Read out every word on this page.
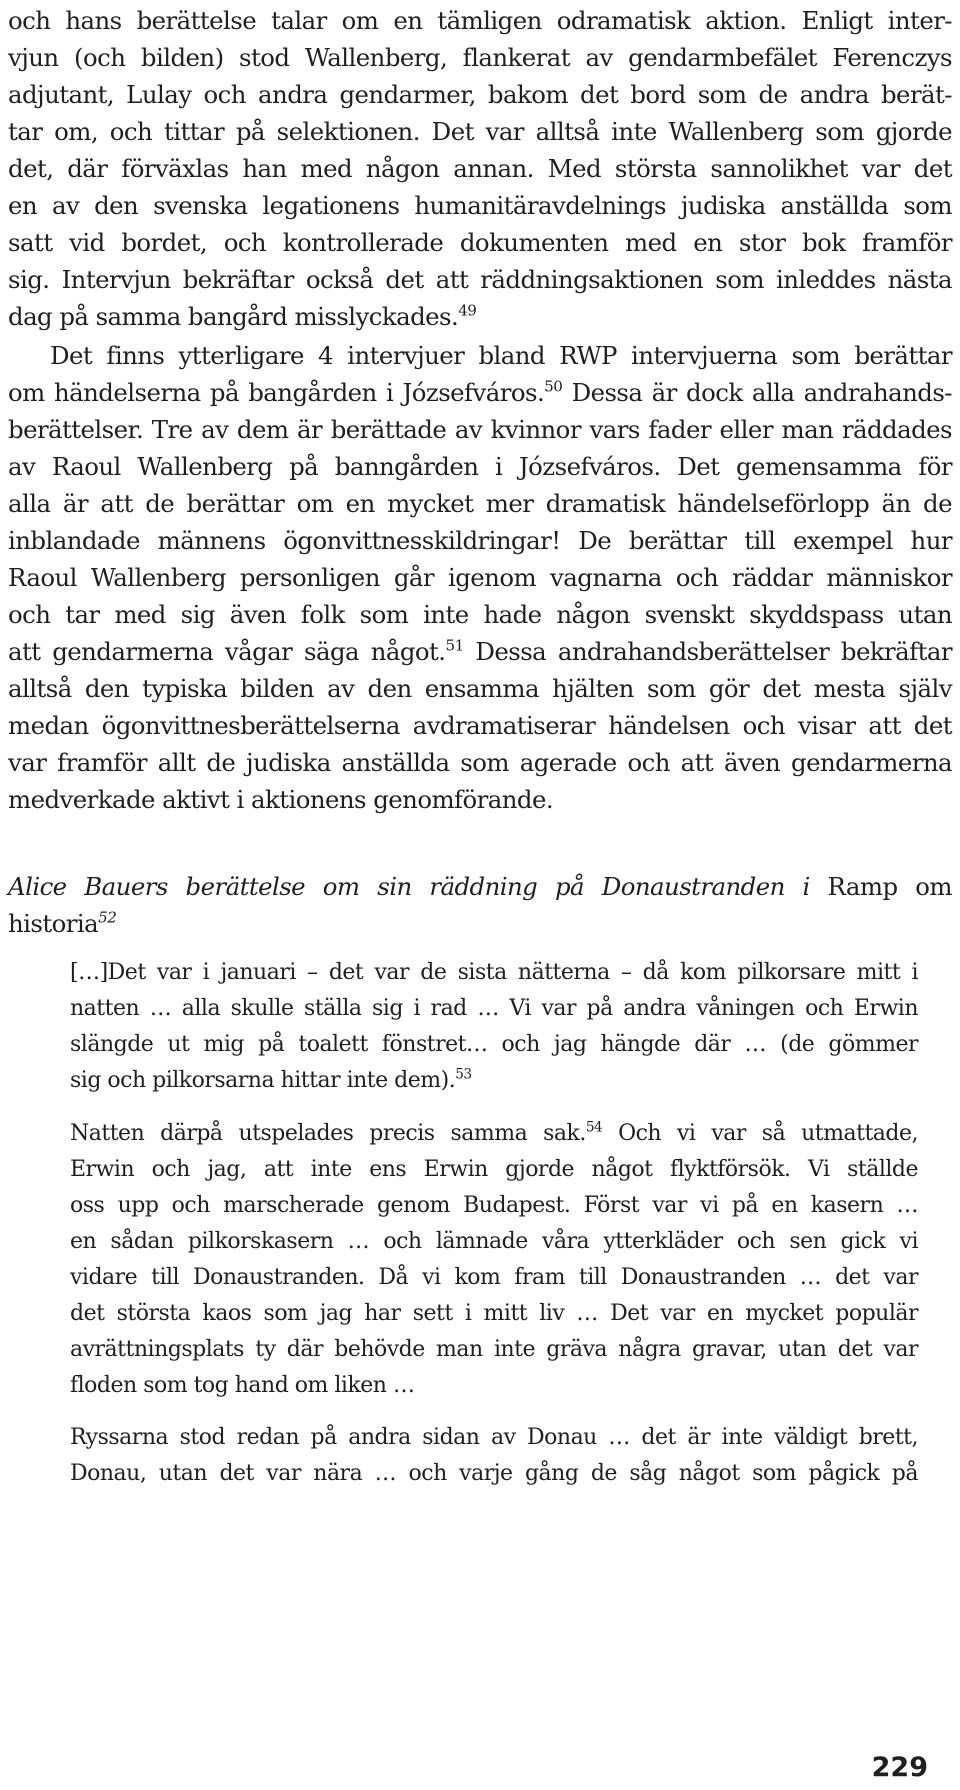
och hans berättelse talar om en tämligen odramatisk aktion. Enligt inter-
vjun (och bilden) stod Wallenberg, flankerat av gendarmbefälet Ferenczys
adjutant, Lulay och andra gendarmer, bakom det bord som de andra berät-
tar om, och tittar på selektionen. Det var alltså inte Wallenberg som gjorde
det, där förväxlas han med någon annan. Med största sannolikhet var det
en av den svenska legationens humanitäravdelnings judiska anställda som
satt vid bordet, och kontrollerade dokumenten med en stor bok framför
sig. Intervjun bekräftar också det att räddningsaktionen som inleddes nästa
dag på samma bangård misslyckades.$^{49}$
Det finns ytterligare 4 intervjuer bland RWP intervjuerna som berättar
om händelserna på bangården i Józsefváros.$^{50}$ Dessa är dock alla andrahands-
berättelser. Tre av dem är berättade av kvinnor vars fader eller man räddades
av Raoul Wallenberg på banngården i Józsefváros. Det gemensamma för
alla är att de berättar om en mycket mer dramatisk händelseförlopp än de
inblandade männens ögonvittnesskildringar! De berättar till exempel hur
Raoul Wallenberg personligen går igenom vagnarna och räddar människor
och tar med sig även folk som inte hade någon svenskt skyddspass utan
att gendarmerna vågar säga något.$^{51}$ Dessa andrahandsberättelser bekräftar
alltså den typiska bilden av den ensamma hjälten som gör det mesta själv
medan ögonvittnesberättelserna avdramatiserar händelsen och visar att det
var framför allt de judiska anställda som agerade och att även gendarmerna
medverkade aktivt i aktionens genomförande.
Alice Bauers berättelse om sin räddning på Donaustranden i Ramp om
historia$^{52}$
[…]Det var i januari – det var de sista nätterna – då kom pilkorsare mitt i
natten … alla skulle ställa sig i rad … Vi var på andra våningen och Erwin
slängde ut mig på toalett fönstret… och jag hängde där … (de gömmer
sig och pilkorsarna hittar inte dem).$^{53}$
Natten därpå utspelades precis samma sak.$^{54}$ Och vi var så utmattade,
Erwin och jag, att inte ens Erwin gjorde något flyktförsök. Vi ställde
oss upp och marscherade genom Budapest. Först var vi på en kasern …
en sådan pilkorskasern … och lämnade våra ytterkläder och sen gick vi
vidare till Donaustranden. Då vi kom fram till Donaustranden … det var
det största kaos som jag har sett i mitt liv … Det var en mycket populär
avrättningsplats ty där behövde man inte gräva några gravar, utan det var
floden som tog hand om liken …
Ryssarna stod redan på andra sidan av Donau … det är inte väldigt brett,
Donau, utan det var nära … och varje gång de såg något som pågick på
229
